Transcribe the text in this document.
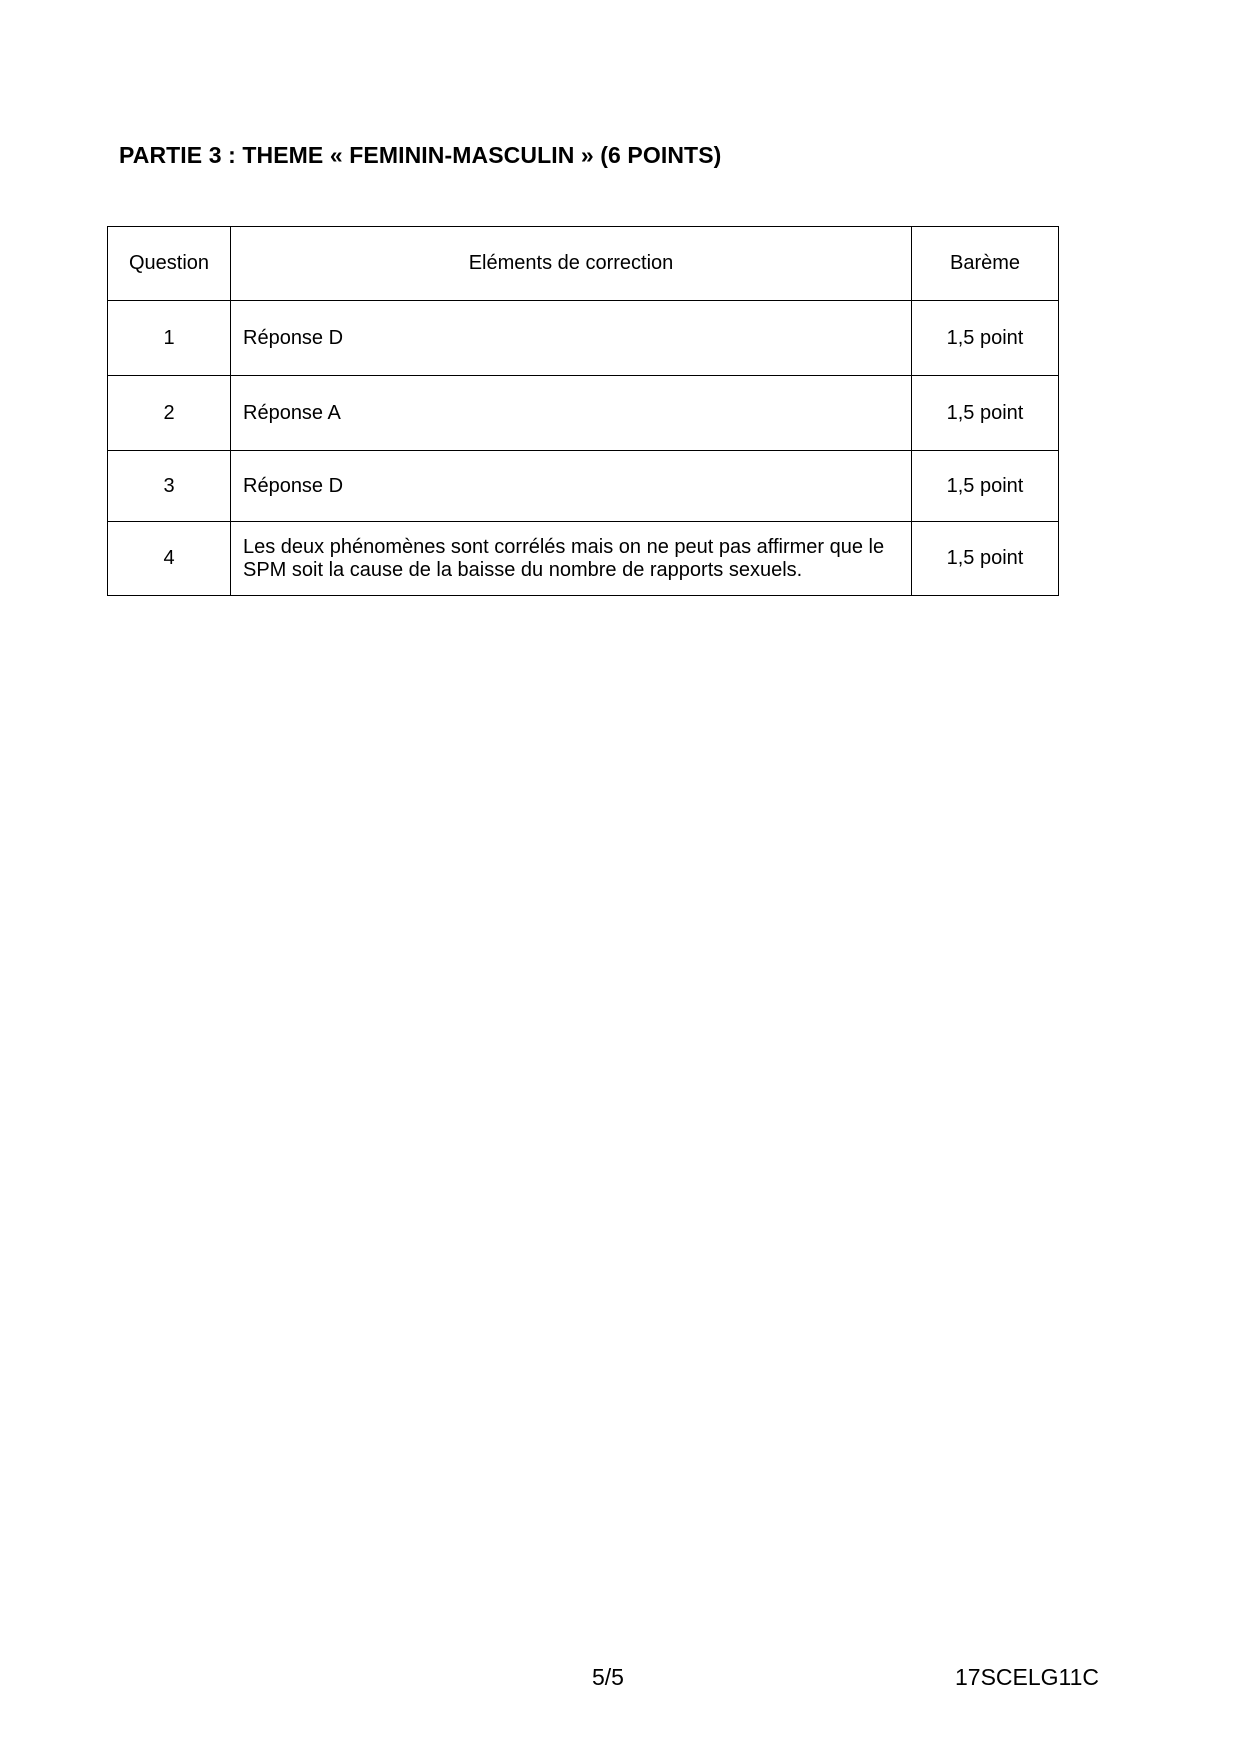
PARTIE 3 : THEME « FEMININ-MASCULIN » (6 POINTS)
Question	Eléments de correction	Barème
1	Réponse D	1,5 point
2	Réponse A	1,5 point
3	Réponse D	1,5 point
4	Les deux phénomènes sont corrélés mais on ne peut pas affirmer que le SPM soit la cause de la baisse du nombre de rapports sexuels.	1,5 point
5/5	17SCELG11C
